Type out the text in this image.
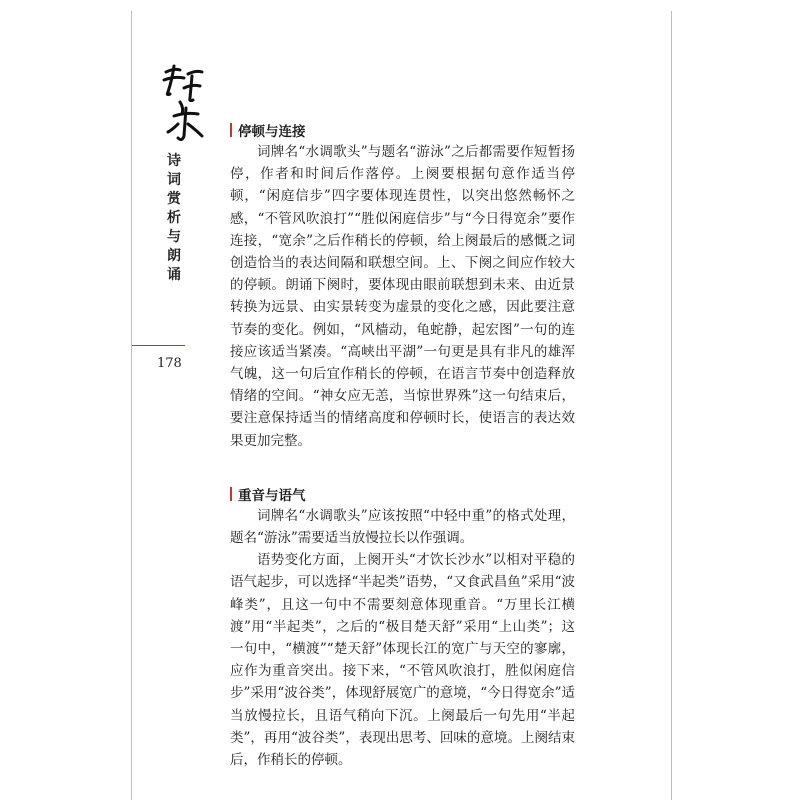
诗
词
赏
析
与
朗
诵
178
停顿与连接

词牌名“水调歌头”与题名“游泳”之后都需要作短暂扬停，作者和时间后作落停。上阕要根据句意作适当停顿，“闲庭信步”四字要体现连贯性，以突出悠然畅怀之感，“不管风吹浪打”“胜似闲庭信步”与“今日得宽余”要作连接，“宽余”之后作稍长的停顿，给上阕最后的感慨之词创造恰当的表达间隔和联想空间。上、下阕之间应作较大的停顿。朗诵下阕时，要体现由眼前联想到未来、由近景转换为远景、由实景转变为虚景的变化之感，因此要注意节奏的变化。例如，“风樯动，龟蛇静，起宏图”一句的连接应该适当紧凑。“高峡出平湖”一句更是具有非凡的雄浑气魄，这一句后宜作稍长的停顿，在语言节奏中创造释放情绪的空间。“神女应无恙，当惊世界殊”这一句结束后，要注意保持适当的情绪高度和停顿时长，使语言的表达效果更加完整。

重音与语气

词牌名“水调歌头”应该按照“中轻中重”的格式处理，题名“游泳”需要适当放慢拉长以作强调。

语势变化方面，上阕开头“才饮长沙水”以相对平稳的语气起步，可以选择“半起类”语势，“又食武昌鱼”采用“波峰类”，且这一句中不需要刻意体现重音。“万里长江横渡”用“半起类”，之后的“极目楚天舒”采用“上山类”；这一句中，“横渡”“楚天舒”体现长江的宽广与天空的寥廓，应作为重音突出。接下来，“不管风吹浪打，胜似闲庭信步”采用“波谷类”，体现舒展宽广的意境，“今日得宽余”适当放慢拉长，且语气稍向下沉。上阕最后一句先用“半起类”，再用“波谷类”，表现出思考、回味的意境。上阕结束后，作稍长的停顿。
